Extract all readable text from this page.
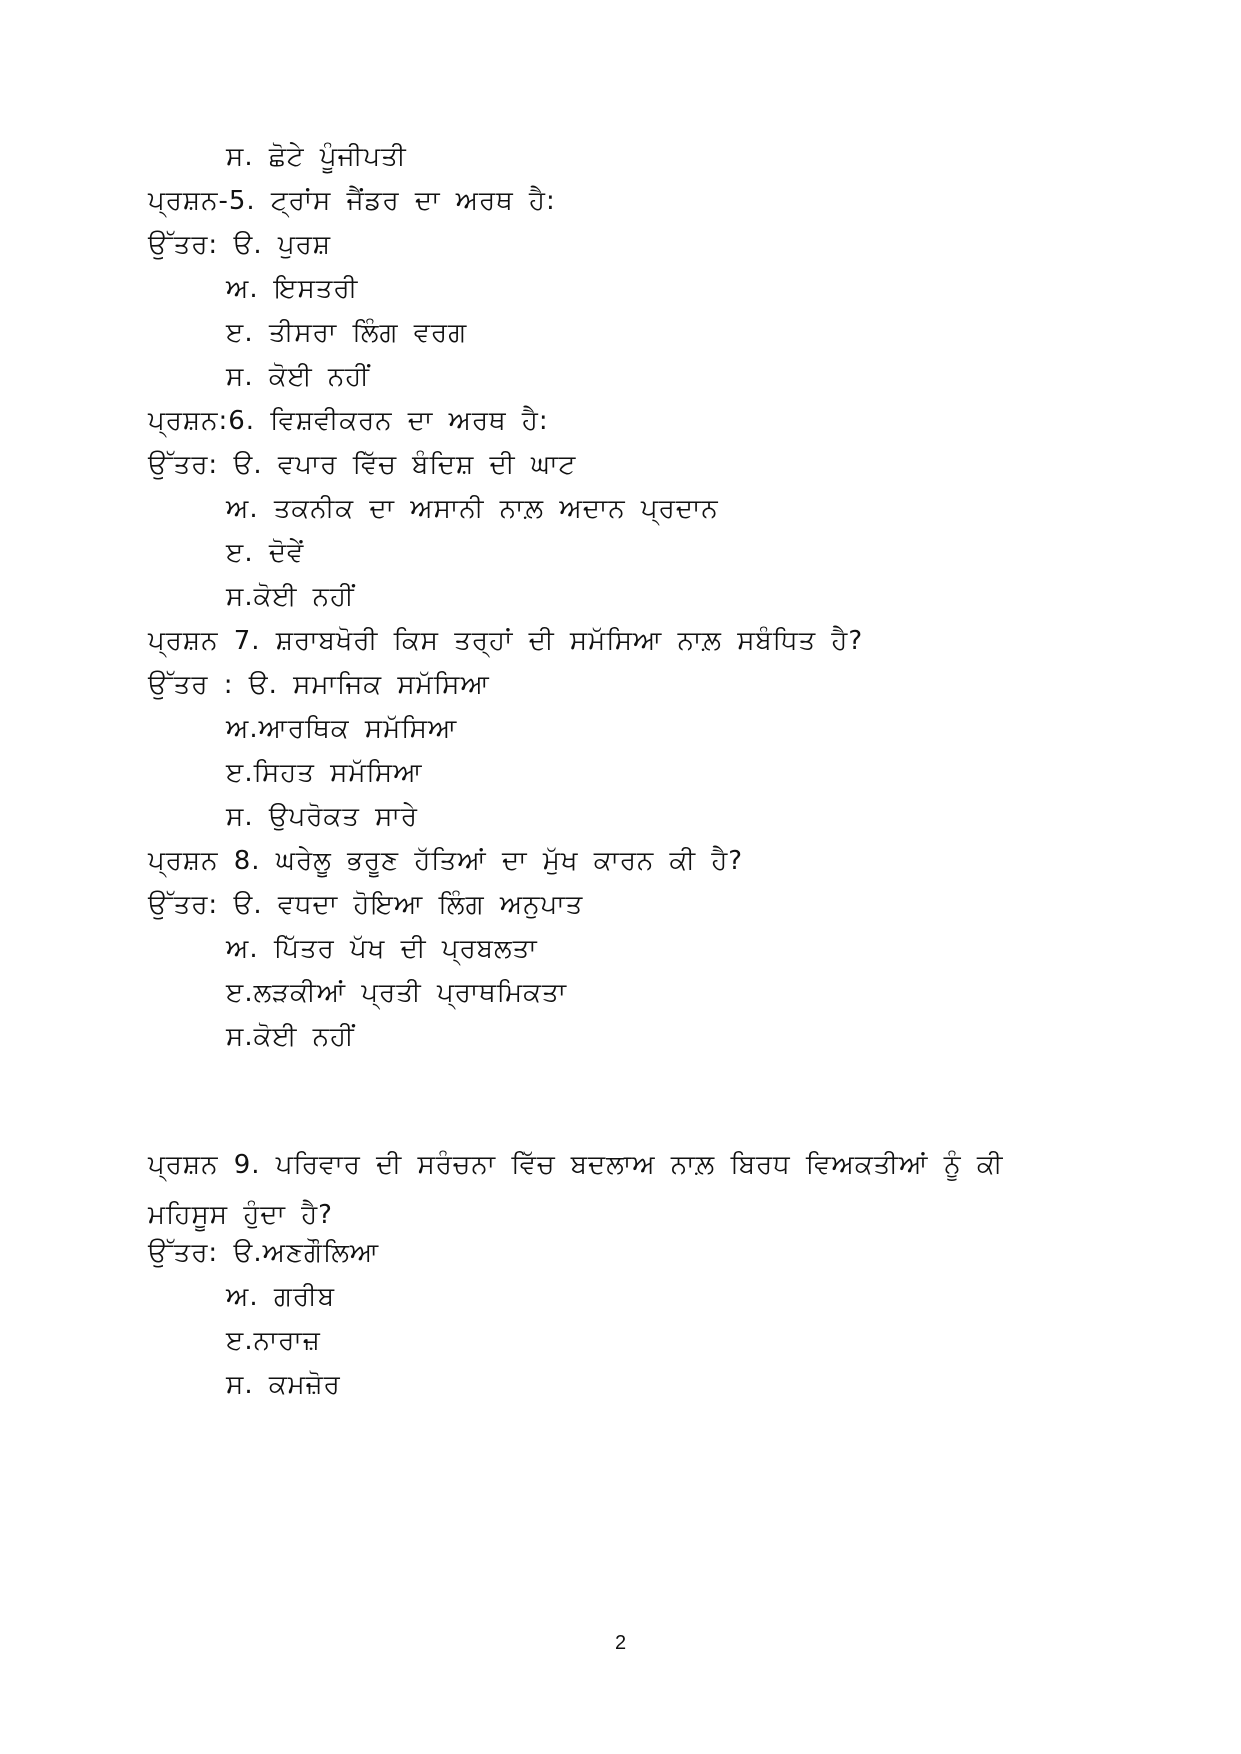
ਸ. ਛੋਟੇ ਪੂੰਜੀਪਤੀ
ਪ੍ਰਸ਼ਨ-5. ਟ੍ਰਾਂਸ ਜੈਂਡਰ ਦਾ ਅਰਥ ਹੈ:
ਉੱਤਰ: ੳ. ਪੁਰਸ਼
ਅ. ਇਸਤਰੀ
ੲ. ਤੀਸਰਾ ਲਿੰਗ ਵਰਗ
ਸ. ਕੋਈ ਨਹੀਂ
ਪ੍ਰਸ਼ਨ:6. ਵਿਸ਼ਵੀਕਰਨ ਦਾ ਅਰਥ ਹੈ:
ਉੱਤਰ: ੳ. ਵਪਾਰ ਵਿੱਚ ਬੰਦਿਸ਼ ਦੀ ਘਾਟ
ਅ. ਤਕਨੀਕ ਦਾ ਅਸਾਨੀ ਨਾਲ਼ ਅਦਾਨ ਪ੍ਰਦਾਨ
ੲ. ਦੋਵੇਂ
ਸ.ਕੋਈ ਨਹੀਂ
ਪ੍ਰਸ਼ਨ 7. ਸ਼ਰਾਬਖੋਰੀ ਕਿਸ ਤਰ੍ਹਾਂ ਦੀ ਸਮੱਸਿਆ ਨਾਲ਼ ਸਬੰਧਿਤ ਹੈ?
ਉੱਤਰ : ੳ. ਸਮਾਜਿਕ ਸਮੱਸਿਆ
ਅ.ਆਰਥਿਕ ਸਮੱਸਿਆ
ੲ.ਸਿਹਤ ਸਮੱਸਿਆ
ਸ. ਉਪਰੋਕਤ ਸਾਰੇ
ਪ੍ਰਸ਼ਨ 8. ਘਰੇਲੂ ਭਰੂਣ ਹੱਤਿਆਂ ਦਾ ਮੁੱਖ ਕਾਰਨ ਕੀ ਹੈ?
ਉੱਤਰ: ੳ. ਵਧਦਾ ਹੋਇਆ ਲਿੰਗ ਅਨੁਪਾਤ
ਅ. ਪਿੱਤਰ ਪੱਖ ਦੀ ਪ੍ਰਬਲਤਾ
ੲ.ਲੜਕੀਆਂ ਪ੍ਰਤੀ ਪ੍ਰਾਥਮਿਕਤਾ
ਸ.ਕੋਈ ਨਹੀਂ
ਪ੍ਰਸ਼ਨ 9. ਪਰਿਵਾਰ ਦੀ ਸਰੰਚਨਾ ਵਿੱਚ ਬਦਲਾਅ ਨਾਲ਼ ਬਿਰਧ ਵਿਅਕਤੀਆਂ ਨੂੰ ਕੀ ਮਹਿਸੂਸ ਹੁੰਦਾ ਹੈ?
ਉੱਤਰ: ੳ.ਅਣਗੌਲਿਆ
ਅ. ਗਰੀਬ
ੲ.ਨਾਰਾਜ਼
ਸ. ਕਮਜ਼ੋਰ
2
